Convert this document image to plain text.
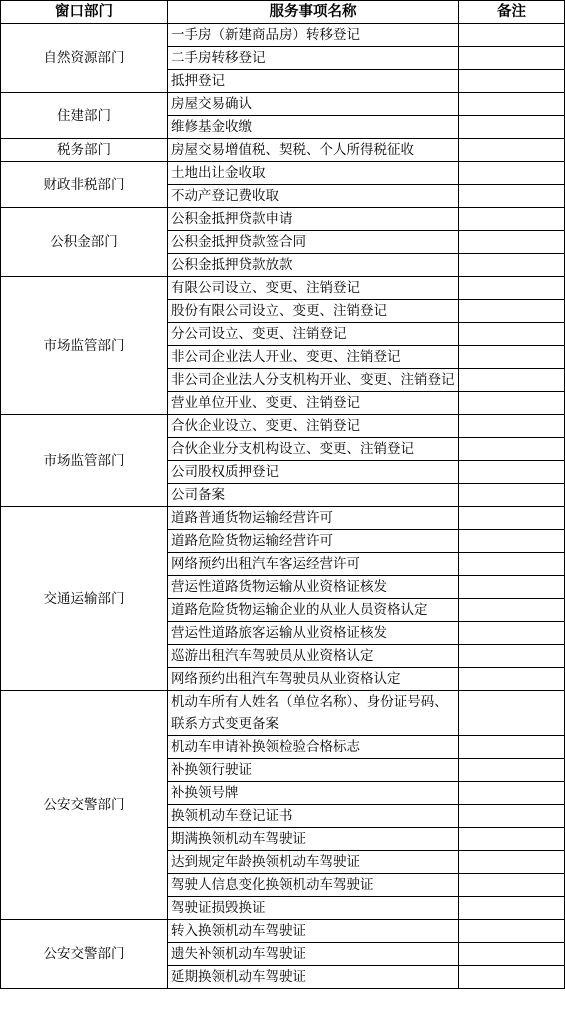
窗口部门	服务事项名称	备注
自然资源部门	一手房（新建商品房）转移登记	
	二手房转移登记	
	抵押登记	
住建部门	房屋交易确认	
	维修基金收缴	
税务部门	房屋交易增值税、契税、个人所得税征收	
财政非税部门	土地出让金收取	
	不动产登记费收取	
公积金部门	公积金抵押贷款申请	
	公积金抵押贷款签合同	
	公积金抵押贷款放款	
市场监管部门	有限公司设立、变更、注销登记	
	股份有限公司设立、变更、注销登记	
	分公司设立、变更、注销登记	
	非公司企业法人开业、变更、注销登记	
	非公司企业法人分支机构开业、变更、注销登记	
	营业单位开业、变更、注销登记	
市场监管部门	合伙企业设立、变更、注销登记	
	合伙企业分支机构设立、变更、注销登记	
	公司股权质押登记	
	公司备案	
交通运输部门	道路普通货物运输经营许可	
	道路危险货物运输经营许可	
	网络预约出租汽车客运经营许可	
	营运性道路货物运输从业资格证核发	
	道路危险货物运输企业的从业人员资格认定	
	营运性道路旅客运输从业资格证核发	
	巡游出租汽车驾驶员从业资格认定	
	网络预约出租汽车驾驶员从业资格认定	
公安交警部门	机动车所有人姓名（单位名称）、身份证号码、联系方式变更备案	
	机动车申请补换领检验合格标志	
	补换领行驶证	
	补换领号牌	
	换领机动车登记证书	
	期满换领机动车驾驶证	
	达到规定年龄换领机动车驾驶证	
	驾驶人信息变化换领机动车驾驶证	
	驾驶证损毁换证	
公安交警部门	转入换领机动车驾驶证	
	遗失补领机动车驾驶证	
	延期换领机动车驾驶证	
